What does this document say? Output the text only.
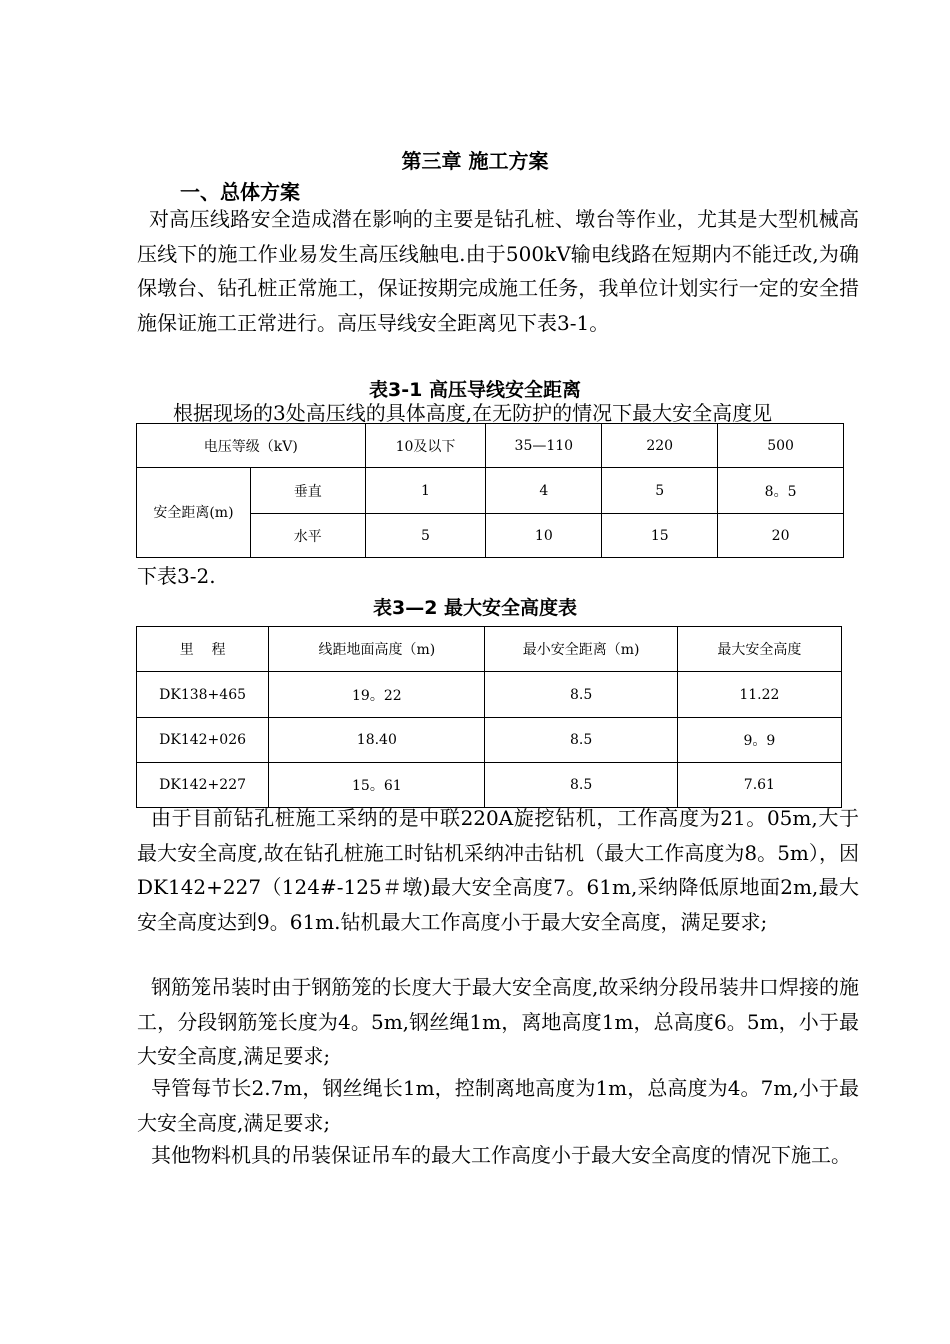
第三章 施工方案
一、总体方案
对高压线路安全造成潜在影响的主要是钻孔桩、墩台等作业，尤其是大型机械高压线下的施工作业易发生高压线触电.由于500kV输电线路在短期内不能迁改,为确保墩台、钻孔桩正常施工，保证按期完成施工任务，我单位计划实行一定的安全措施保证施工正常进行。高压导线安全距离见下表3-1。
表3-1 高压导线安全距离
根据现场的3处高压线的具体高度,在无防护的情况下最大安全高度见
电压等级（kV)		10及以下	35—110	220	500
安全距离(m)	垂直	1	4	5	8。5
	水平	5	10	15	20
下表3-2.
表3—2 最大安全高度表
里    程	线距地面高度（m)	最小安全距离（m)	最大安全高度
DK138+465	19。22	8.5	11.22
DK142+026	18.40	8.5	9。9
DK142+227	15。61	8.5	7.61
由于目前钻孔桩施工采纳的是中联220A旋挖钻机，工作高度为21。05m,大于最大安全高度,故在钻孔桩施工时钻机采纳冲击钻机（最大工作高度为8。5m），因DK142+227（124#-125＃墩)最大安全高度7。61m,采纳降低原地面2m,最大安全高度达到9。61m.钻机最大工作高度小于最大安全高度，满足要求;
钢筋笼吊装时由于钢筋笼的长度大于最大安全高度,故采纳分段吊装井口焊接的施工，分段钢筋笼长度为4。5m,钢丝绳1m，离地高度1m，总高度6。5m，小于最大安全高度,满足要求;
导管每节长2.7m，钢丝绳长1m，控制离地高度为1m，总高度为4。7m,小于最大安全高度,满足要求;
其他物料机具的吊装保证吊车的最大工作高度小于最大安全高度的情况下施工。
